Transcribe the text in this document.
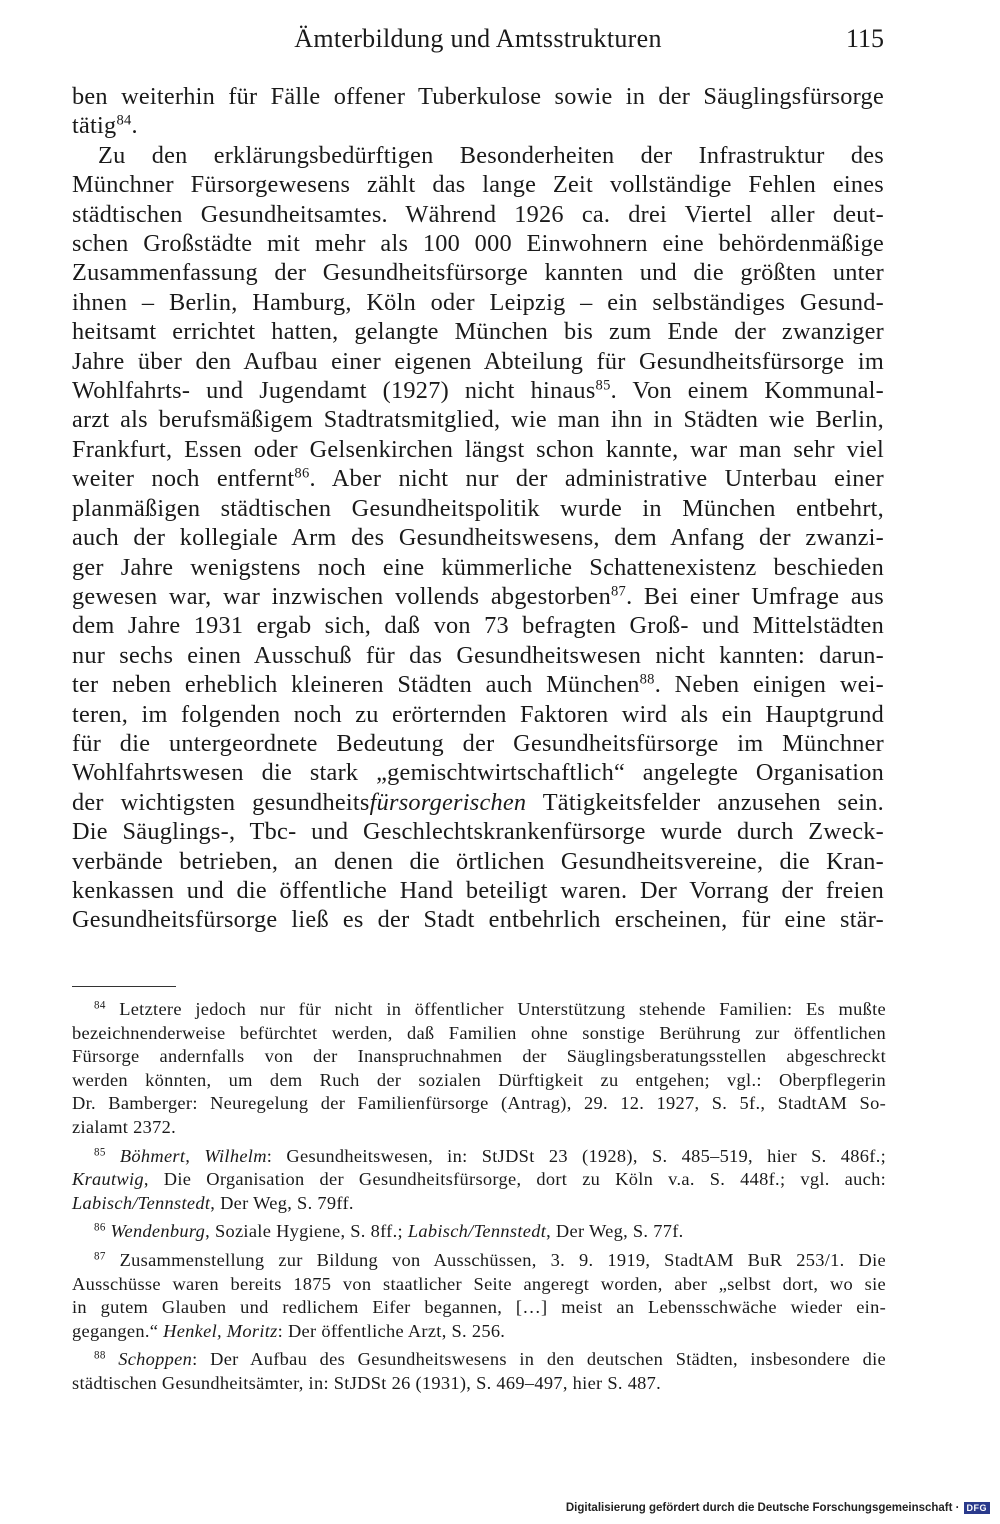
Ämterbildung und Amtsstrukturen	115
ben weiterhin für Fälle offener Tuberkulose sowie in der Säuglingsfürsorge
tätig$^{84}$.
Zu den erklärungsbedürftigen Besonderheiten der Infrastruktur des
Münchner Fürsorgewesens zählt das lange Zeit vollständige Fehlen eines
städtischen Gesundheitsamtes. Während 1926 ca. drei Viertel aller deut-
schen Großstädte mit mehr als 100 000 Einwohnern eine behördenmäßige
Zusammenfassung der Gesundheitsfürsorge kannten und die größten unter
ihnen – Berlin, Hamburg, Köln oder Leipzig – ein selbständiges Gesund-
heitsamt errichtet hatten, gelangte München bis zum Ende der zwanziger
Jahre über den Aufbau einer eigenen Abteilung für Gesundheitsfürsorge im
Wohlfahrts- und Jugendamt (1927) nicht hinaus$^{85}$. Von einem Kommunal-
arzt als berufsmäßigem Stadtratsmitglied, wie man ihn in Städten wie Berlin,
Frankfurt, Essen oder Gelsenkirchen längst schon kannte, war man sehr viel
weiter noch entfernt$^{86}$. Aber nicht nur der administrative Unterbau einer
planmäßigen städtischen Gesundheitspolitik wurde in München entbehrt,
auch der kollegiale Arm des Gesundheitswesens, dem Anfang der zwanzi-
ger Jahre wenigstens noch eine kümmerliche Schattenexistenz beschieden
gewesen war, war inzwischen vollends abgestorben$^{87}$. Bei einer Umfrage aus
dem Jahre 1931 ergab sich, daß von 73 befragten Groß- und Mittelstädten
nur sechs einen Ausschuß für das Gesundheitswesen nicht kannten: darun-
ter neben erheblich kleineren Städten auch München$^{88}$. Neben einigen wei-
teren, im folgenden noch zu erörternden Faktoren wird als ein Hauptgrund
für die untergeordnete Bedeutung der Gesundheitsfürsorge im Münchner
Wohlfahrtswesen die stark „gemischtwirtschaftlich“ angelegte Organisation
der wichtigsten gesundheitsfürsorgerischen Tätigkeitsfelder anzusehen sein.
Die Säuglings-, Tbc- und Geschlechtskrankenfürsorge wurde durch Zweck-
verbände betrieben, an denen die örtlichen Gesundheitsvereine, die Kran-
kenkassen und die öffentliche Hand beteiligt waren. Der Vorrang der freien
Gesundheitsfürsorge ließ es der Stadt entbehrlich erscheinen, für eine stär-
$^{84}$ Letztere jedoch nur für nicht in öffentlicher Unterstützung stehende Familien: Es mußte
bezeichnenderweise befürchtet werden, daß Familien ohne sonstige Berührung zur öffentlichen
Fürsorge andernfalls von der Inanspruchnahmen der Säuglingsberatungsstellen abgeschreckt
werden könnten, um dem Ruch der sozialen Dürftigkeit zu entgehen; vgl.: Oberpflegerin
Dr. Bamberger: Neuregelung der Familienfürsorge (Antrag), 29. 12. 1927, S. 5f., StadtAM So-
zialamt 2372.
$^{85}$ Böhmert, Wilhelm: Gesundheitswesen, in: StJDSt 23 (1928), S. 485–519, hier S. 486f.;
Krautwig, Die Organisation der Gesundheitsfürsorge, dort zu Köln v.a. S. 448f.; vgl. auch:
Labisch/Tennstedt, Der Weg, S. 79ff.
$^{86}$ Wendenburg, Soziale Hygiene, S. 8ff.; Labisch/Tennstedt, Der Weg, S. 77f.
$^{87}$ Zusammenstellung zur Bildung von Ausschüssen, 3. 9. 1919, StadtAM BuR 253/1. Die
Ausschüsse waren bereits 1875 von staatlicher Seite angeregt worden, aber „selbst dort, wo sie
in gutem Glauben und redlichem Eifer begannen, […] meist an Lebensschwäche wieder ein-
gegangen.“ Henkel, Moritz: Der öffentliche Arzt, S. 256.
$^{88}$ Schoppen: Der Aufbau des Gesundheitswesens in den deutschen Städten, insbesondere die
städtischen Gesundheitsämter, in: StJDSt 26 (1931), S. 469–497, hier S. 487.
Digitalisierung gefördert durch die Deutsche Forschungsgemeinschaft · DFG
